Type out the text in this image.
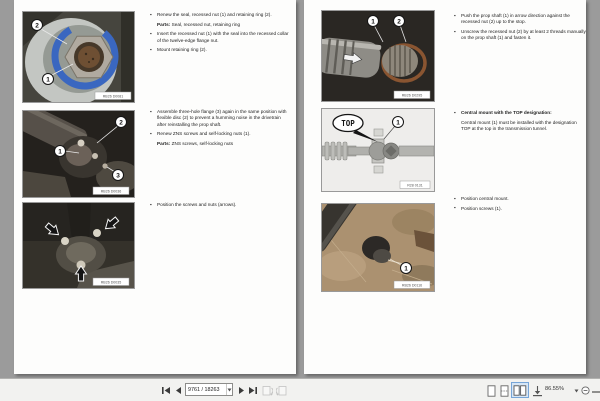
2
1
RB26 D0081
2
1
3
RB26 D0036
RB26 D0035
▪ Renew the seal, recessed nut (1) and retaining ring (2).
Parts: Seal, recessed nut, retaining ring
▪ Insert the recessed nut (1) with the seal into the recessed collar of the twelve-edge flange nut.
▪ Mount retaining ring (2).
▪ Assemble three-hole flange (3) again in the same position with flexible disc (2) to prevent a humming noise in the drivetrain after reinstalling the prop shaft.
▪ Renew ZNS screws and self-locking nuts (1).
Parts: ZNS screws, self-locking nuts
▪ Position the screws and nuts (arrows).
1	2
RB26 D0295
TOP	1
R28 0131
1
RB26 D0116
▪ Push the prop shaft (1) in arrow direction against the recessed nut (2) up to the stop.
▪ Unscrew the recessed nut (2) by at least 2 threads manually on the prop shaft (1) and fasten it.
▪ Central mount with the TOP designation:
Central mount (1) must be installed with the designation TOP at the top in the transmission tunnel.
▪ Position central mount.
▪ Position screws (1).
9761 / 18263
86.55%
